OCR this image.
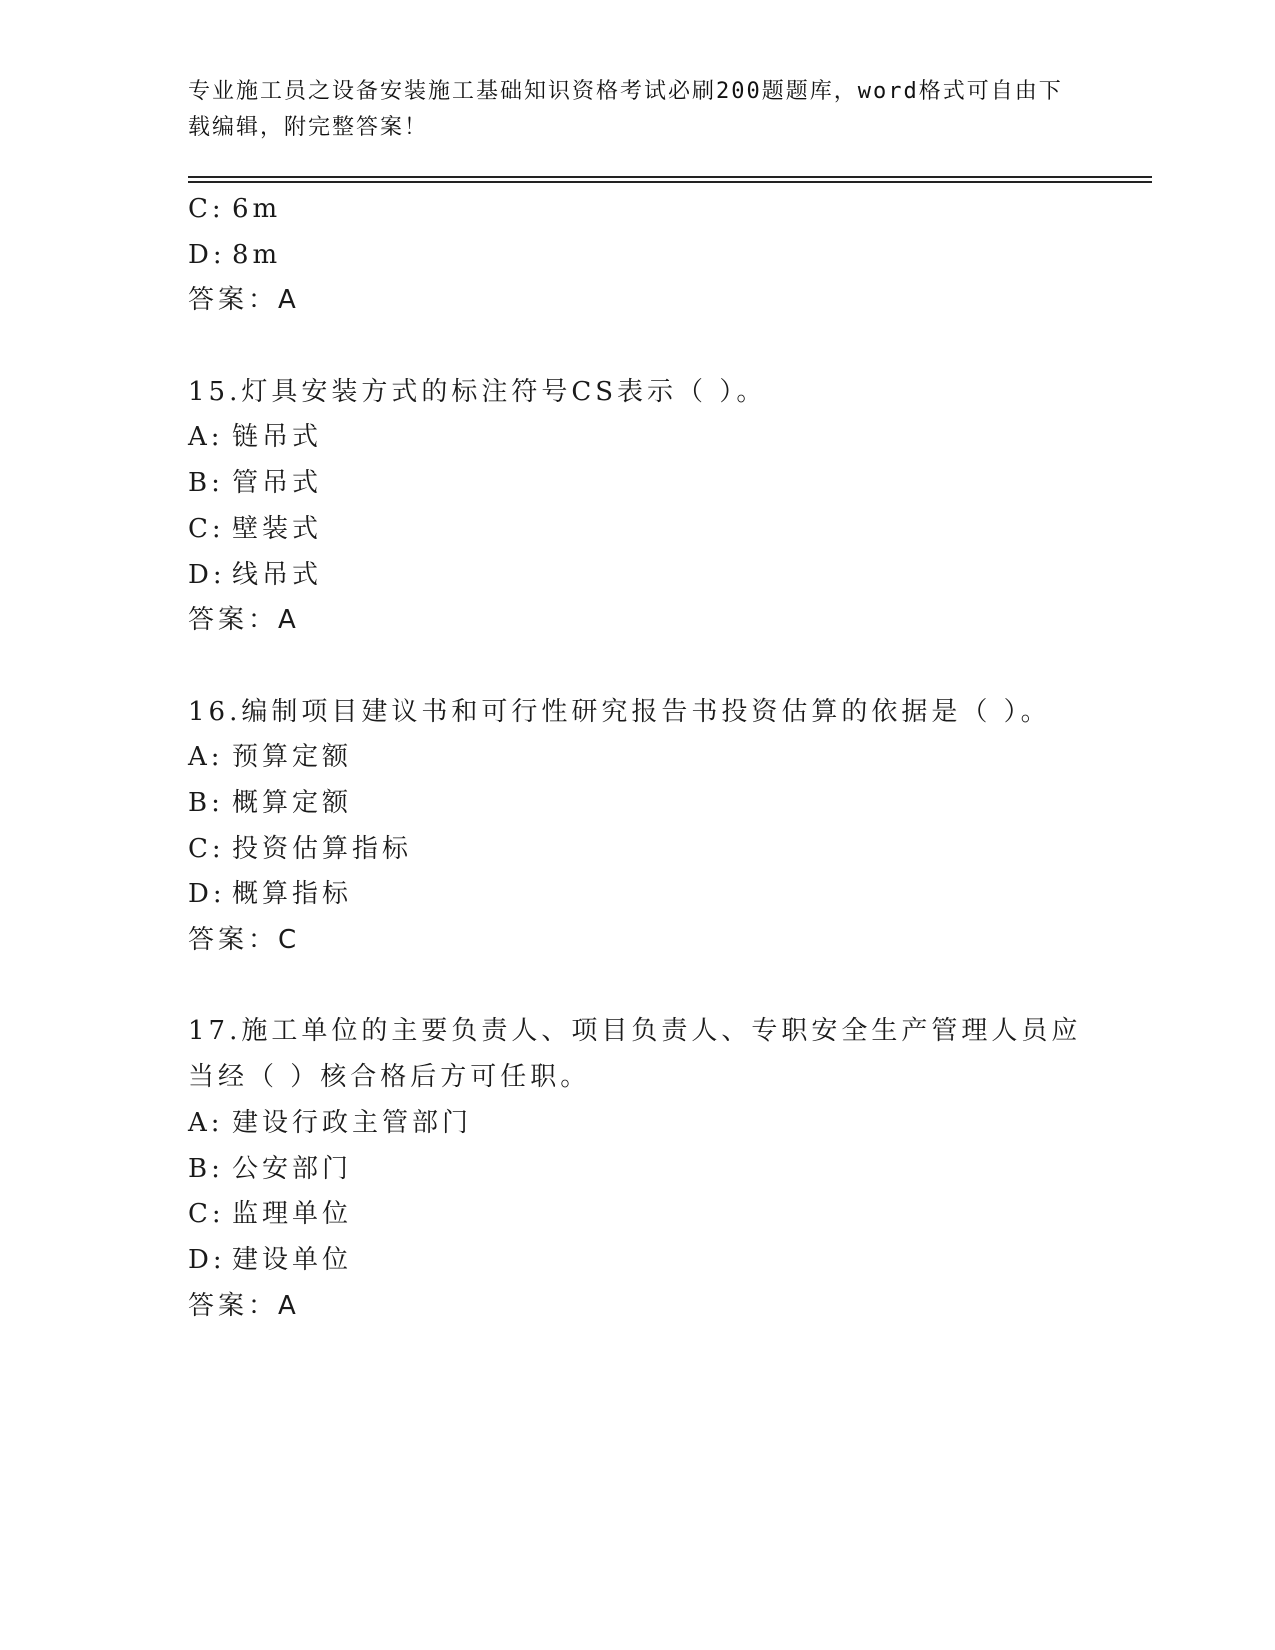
专业施工员之设备安装施工基础知识资格考试必刷200题题库，word格式可自由下载编辑，附完整答案！
C: 6m
D: 8m
答案：A
15.灯具安装方式的标注符号CS表示（ ）。
A: 链吊式
B: 管吊式
C: 壁装式
D: 线吊式
答案：A
16.编制项目建议书和可行性研究报告书投资估算的依据是（ ）。
A: 预算定额
B: 概算定额
C: 投资估算指标
D: 概算指标
答案：C
17.施工单位的主要负责人、项目负责人、专职安全生产管理人员应当经（ ）核合格后方可任职。
A: 建设行政主管部门
B: 公安部门
C: 监理单位
D: 建设单位
答案：A
